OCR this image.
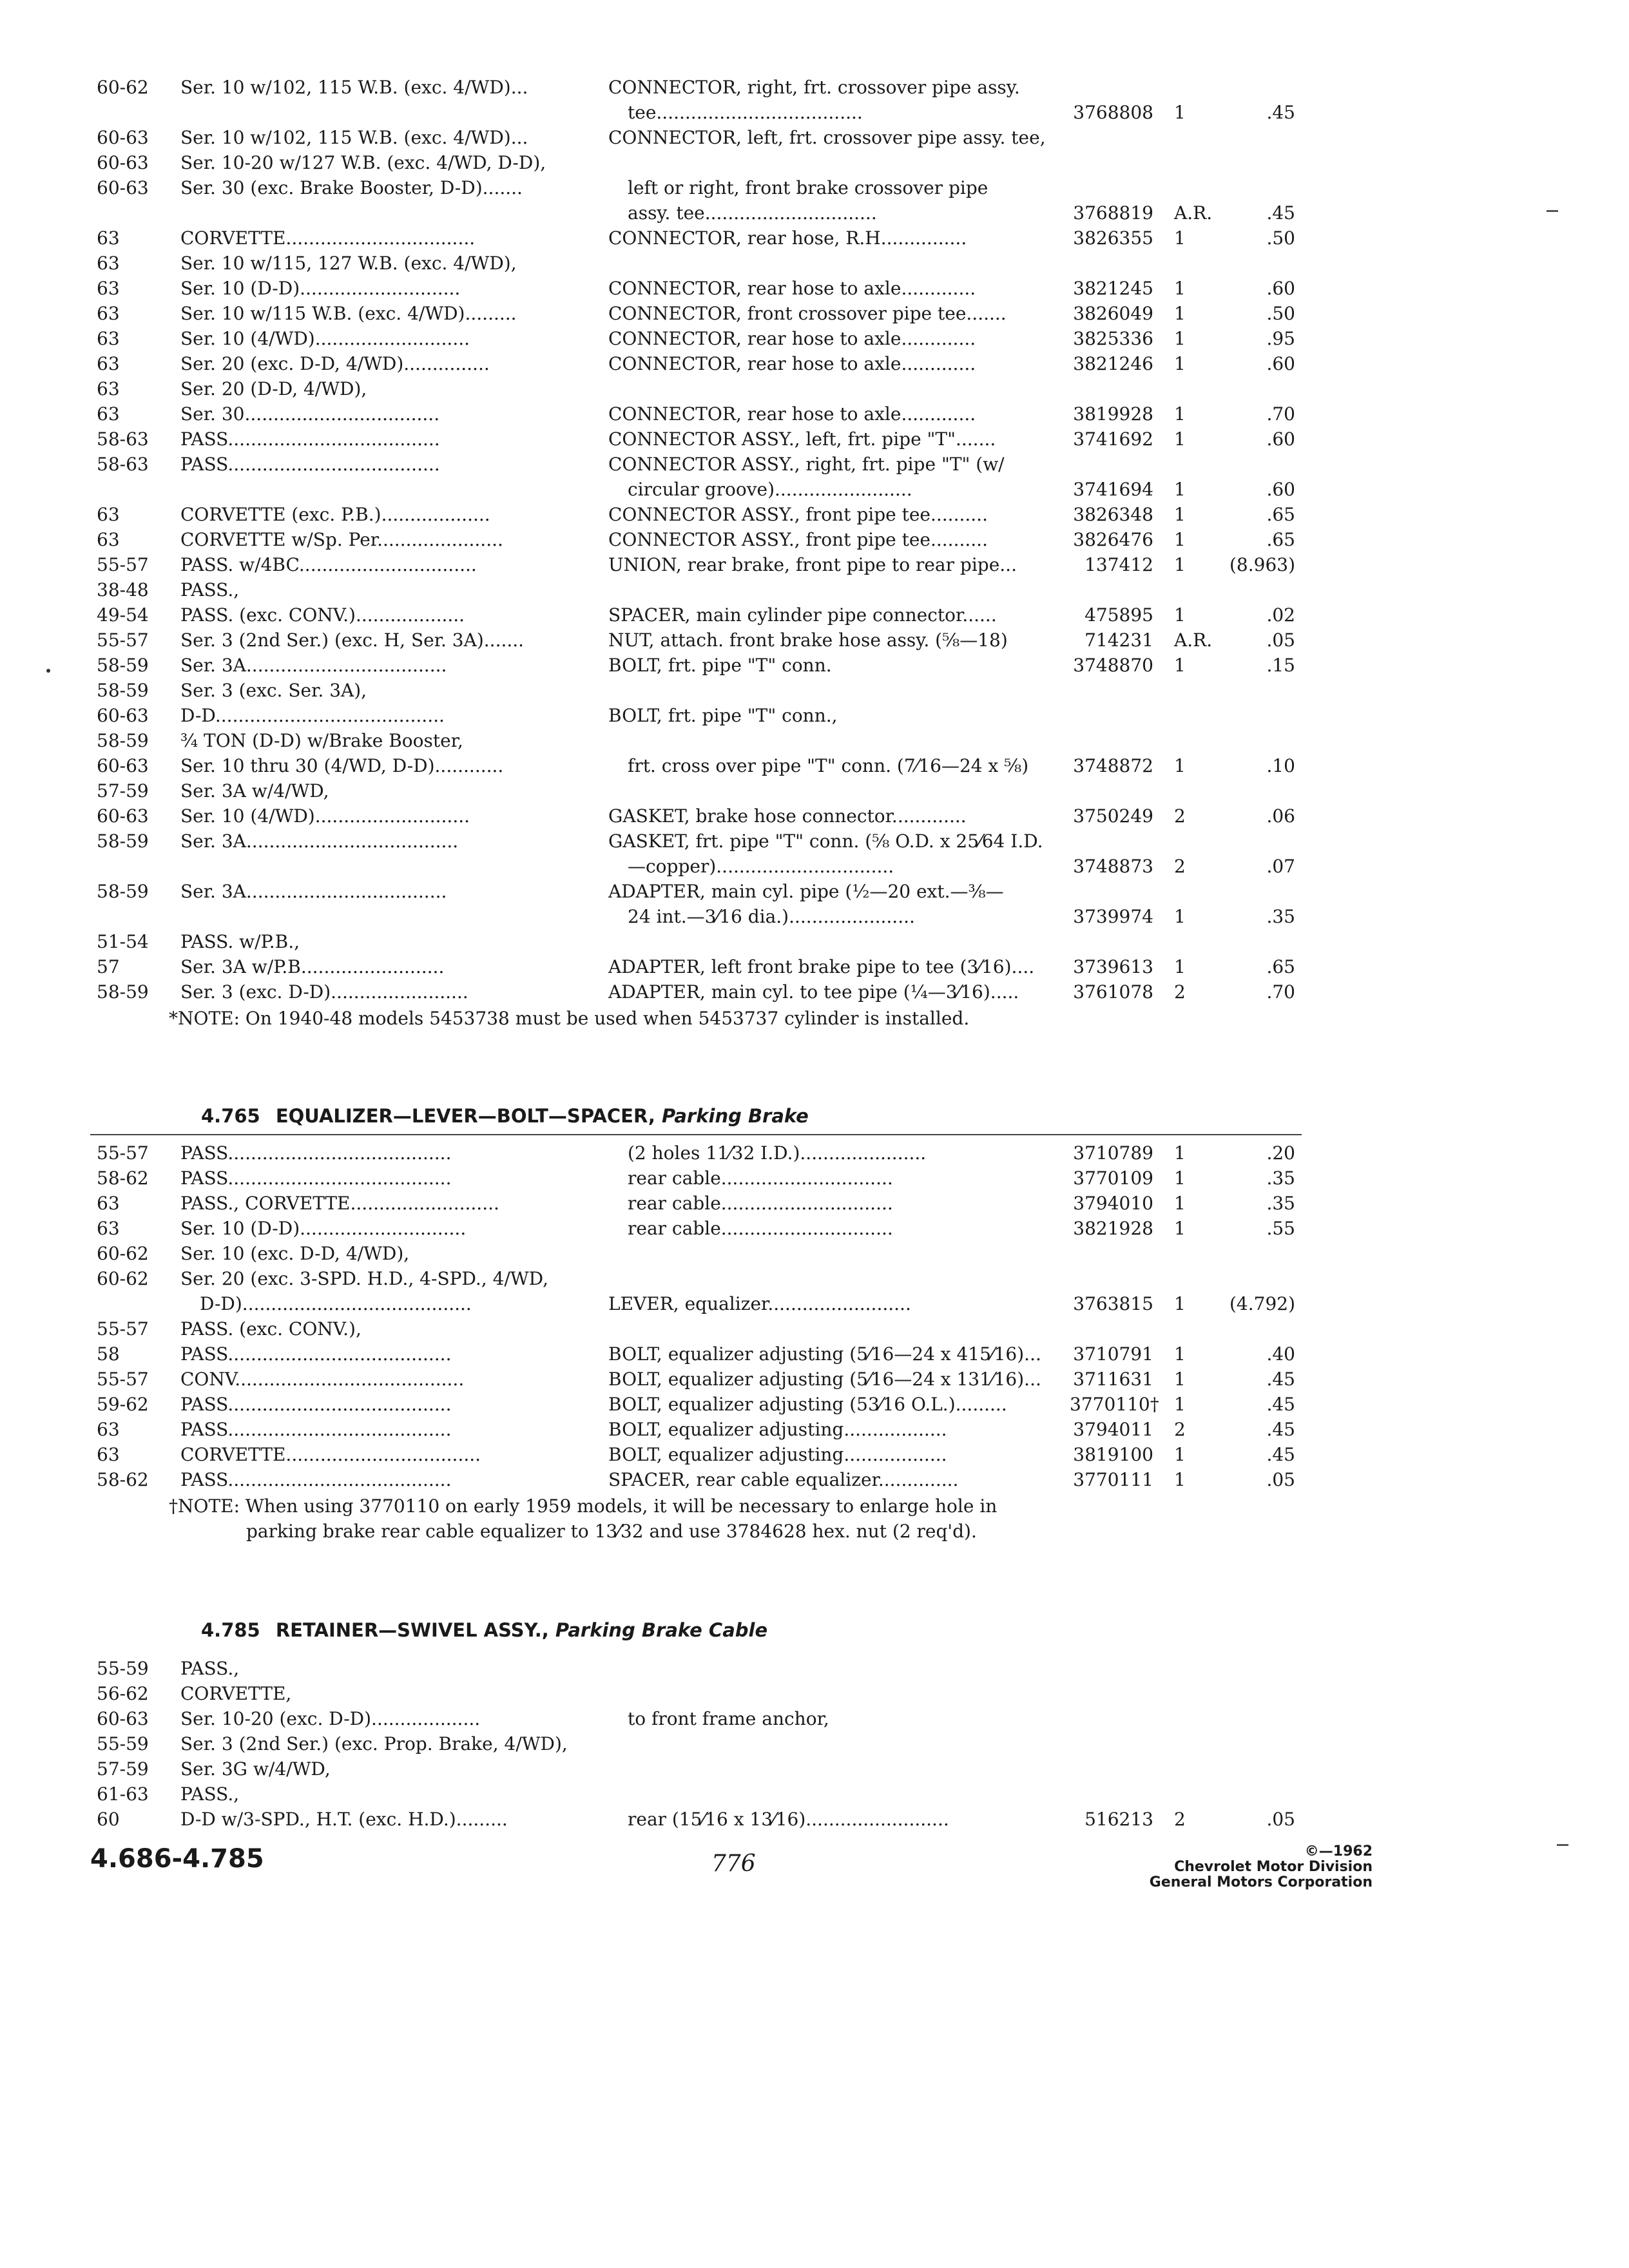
60-62 Ser. 10 w/102, 115 W.B. (exc. 4/WD)...	CONNECTOR, right, frt. crossover pipe assy.
tee....................................	3768808 1	.45
60-63 Ser. 10 w/102, 115 W.B. (exc. 4/WD)...	CONNECTOR, left, frt. crossover pipe assy. tee,
60-63 Ser. 10-20 w/127 W.B. (exc. 4/WD, D-D),
60-63 Ser. 30 (exc. Brake Booster, D-D).......	left or right, front brake crossover pipe
assy. tee..............................	3768819 A.R.	.45
63	CORVETTE.................................	CONNECTOR, rear hose, R.H...............	3826355 1	.50
63	Ser. 10 w/115, 127 W.B. (exc. 4/WD),
63	Ser. 10 (D-D)............................	CONNECTOR, rear hose to axle.............	3821245 1	.60
63	Ser. 10 w/115 W.B. (exc. 4/WD).........	CONNECTOR, front crossover pipe tee.......	3826049 1	.50
63	Ser. 10 (4/WD)...........................	CONNECTOR, rear hose to axle.............	3825336 1	.95
63	Ser. 20 (exc. D-D, 4/WD)...............	CONNECTOR, rear hose to axle.............	3821246 1	.60
63	Ser. 20 (D-D, 4/WD),
63	Ser. 30..................................	CONNECTOR, rear hose to axle.............	3819928 1	.70
58-63 PASS.....................................	CONNECTOR ASSY., left, frt. pipe "T".......	3741692 1	.60
58-63 PASS.....................................	CONNECTOR ASSY., right, frt. pipe "T" (w/
circular groove)........................	3741694 1	.60
63	CORVETTE (exc. P.B.)...................	CONNECTOR ASSY., front pipe tee..........	3826348 1	.65
63	CORVETTE w/Sp. Per......................	CONNECTOR ASSY., front pipe tee..........	3826476 1	.65
55-57 PASS. w/4BC...............................	UNION, rear brake, front pipe to rear pipe...	137412 1	(8.963)
38-48 PASS.,
49-54 PASS. (exc. CONV.)...................	SPACER, main cylinder pipe connector......	475895 1	.02
55-57 Ser. 3 (2nd Ser.) (exc. H, Ser. 3A).......	NUT, attach. front brake hose assy. (⅝—18)	714231 A.R.	.05
58-59 Ser. 3A...................................	BOLT, frt. pipe "T" conn.	3748870 1	.15
58-59 Ser. 3 (exc. Ser. 3A),
60-63 D-D........................................	BOLT, frt. pipe "T" conn.,
58-59 ¾ TON (D-D) w/Brake Booster,
60-63 Ser. 10 thru 30 (4/WD, D-D)............	frt. cross over pipe "T" conn. (7⁄16—24 x ⅝)	3748872 1	.10
57-59 Ser. 3A w/4/WD,
60-63 Ser. 10 (4/WD)...........................	GASKET, brake hose connector.............	3750249 2	.06
58-59 Ser. 3A.....................................	GASKET, frt. pipe "T" conn. (⅝ O.D. x 25⁄64 I.D.
—copper)...............................	3748873 2	.07
58-59 Ser. 3A...................................	ADAPTER, main cyl. pipe (½—20 ext.—⅜—
24 int.—3⁄16 dia.)......................	3739974 1	.35
51-54 PASS. w/P.B.,
57	Ser. 3A w/P.B.........................	ADAPTER, left front brake pipe to tee (3⁄16)....	3739613 1	.65
58-59 Ser. 3 (exc. D-D)........................	ADAPTER, main cyl. to tee pipe (¼—3⁄16).....	3761078 2	.70
*NOTE: On 1940-48 models 5453738 must be used when 5453737 cylinder is installed.
4.765 EQUALIZER—LEVER—BOLT—SPACER, Parking Brake
55-57 PASS.......................................	(2 holes 11⁄32 I.D.)......................	3710789 1	.20
58-62 PASS.......................................	rear cable..............................	3770109 1	.35
63	PASS., CORVETTE..........................	rear cable..............................	3794010 1	.35
63	Ser. 10 (D-D).............................	rear cable..............................	3821928 1	.55
60-62 Ser. 10 (exc. D-D, 4/WD),
60-62 Ser. 20 (exc. 3-SPD. H.D., 4-SPD., 4/WD,
D-D)........................................	LEVER, equalizer.........................	3763815 1	(4.792)
55-57 PASS. (exc. CONV.),
58	PASS.......................................	BOLT, equalizer adjusting (5⁄16—24 x 415⁄16)...	3710791 1	.40
55-57 CONV........................................	BOLT, equalizer adjusting (5⁄16—24 x 131⁄16)...	3711631 1	.45
59-62 PASS.......................................	BOLT, equalizer adjusting (53⁄16 O.L.).........	3770110† 1	.45
63	PASS.......................................	BOLT, equalizer adjusting..................	3794011 2	.45
63	CORVETTE..................................	BOLT, equalizer adjusting..................	3819100 1	.45
58-62 PASS.......................................	SPACER, rear cable equalizer..............	3770111 1	.05
†NOTE: When using 3770110 on early 1959 models, it will be necessary to enlarge hole in
parking brake rear cable equalizer to 13⁄32 and use 3784628 hex. nut (2 req'd).
4.785 RETAINER—SWIVEL ASSY., Parking Brake Cable
55-59 PASS.,
56-62 CORVETTE,
60-63 Ser. 10-20 (exc. D-D)...................	to front frame anchor,
55-59 Ser. 3 (2nd Ser.) (exc. Prop. Brake, 4/WD),
57-59 Ser. 3G w/4/WD,
61-63 PASS.,
60	D-D w/3-SPD., H.T. (exc. H.D.).........	rear (15⁄16 x 13⁄16).........................	516213 2	.05
4.686-4.785	776	©—1962
Chevrolet Motor Division
General Motors Corporation
